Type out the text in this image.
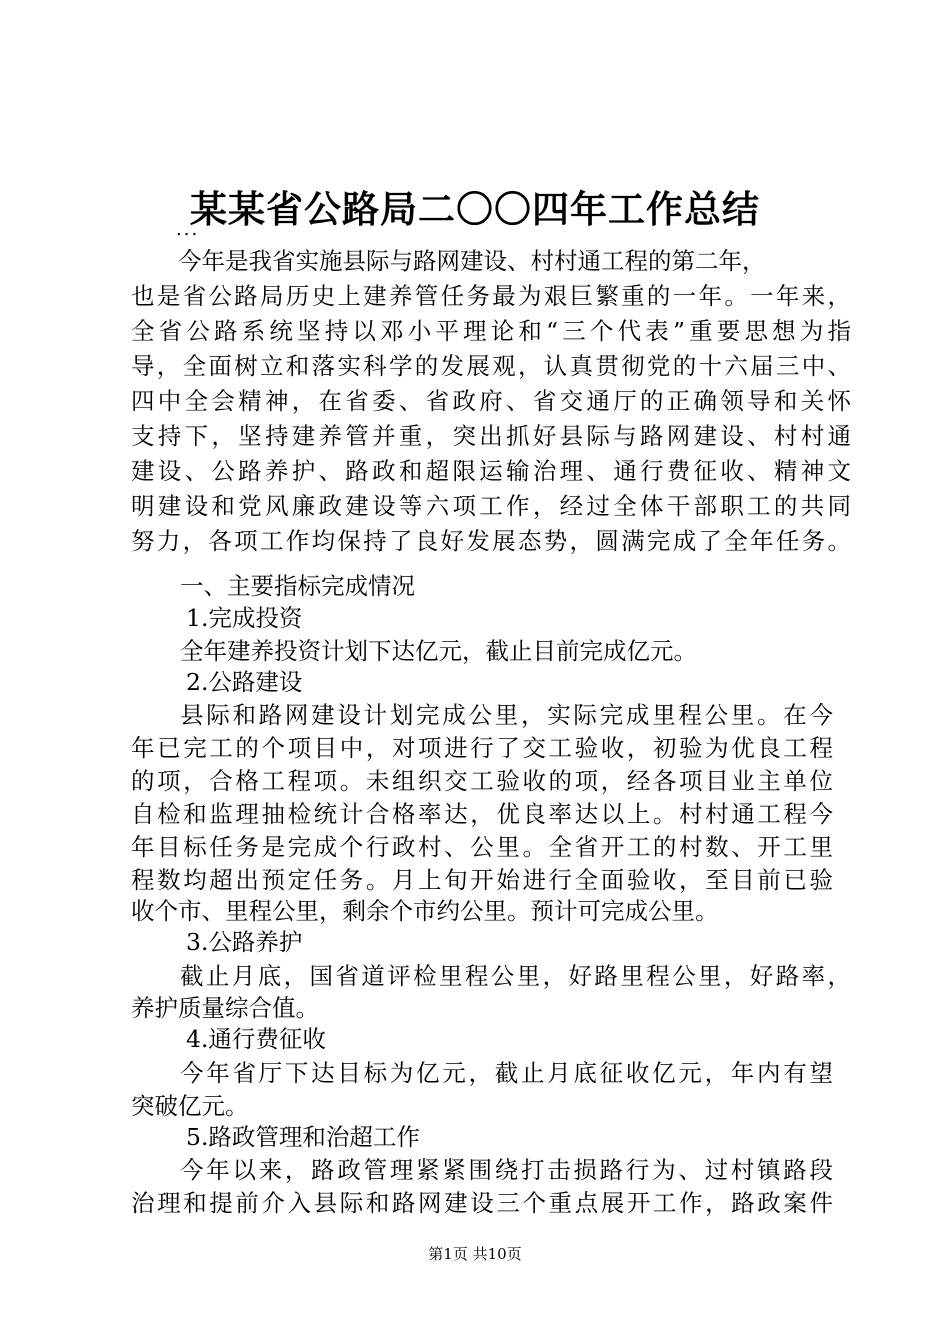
某某省公路局二〇〇四年工作总结
...
今年是我省实施县际与路网建设、村村通工程的第二年，
也是省公路局历史上建养管任务最为艰巨繁重的一年。一年来，
全省公路系统坚持以邓小平理论和“三个代表”重要思想为指
导，全面树立和落实科学的发展观，认真贯彻党的十六届三中、
四中全会精神，在省委、省政府、省交通厅的正确领导和关怀
支持下，坚持建养管并重，突出抓好县际与路网建设、村村通
建设、公路养护、路政和超限运输治理、通行费征收、精神文
明建设和党风廉政建设等六项工作，经过全体干部职工的共同
努力，各项工作均保持了良好发展态势，圆满完成了全年任务。
一、主要指标完成情况
1.完成投资
全年建养投资计划下达亿元，截止目前完成亿元。
2.公路建设
县际和路网建设计划完成公里，实际完成里程公里。在今
年已完工的个项目中，对项进行了交工验收，初验为优良工程
的项，合格工程项。未组织交工验收的项，经各项目业主单位
自检和监理抽检统计合格率达，优良率达以上。村村通工程今
年目标任务是完成个行政村、公里。全省开工的村数、开工里
程数均超出预定任务。月上旬开始进行全面验收，至目前已验
收个市、里程公里，剩余个市约公里。预计可完成公里。
3.公路养护
截止月底，国省道评检里程公里，好路里程公里，好路率，
养护质量综合值。
4.通行费征收
今年省厅下达目标为亿元，截止月底征收亿元，年内有望
突破亿元。
5.路政管理和治超工作
今年以来，路政管理紧紧围绕打击损路行为、过村镇路段
治理和提前介入县际和路网建设三个重点展开工作，路政案件
第1页 共10页
